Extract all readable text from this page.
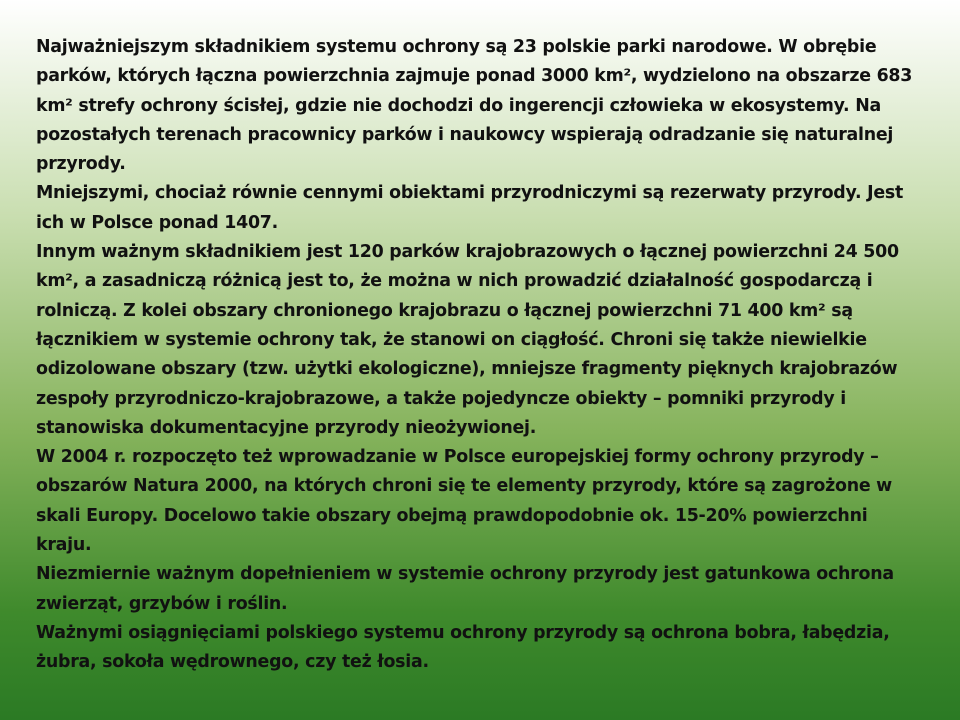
Najważniejszym składnikiem systemu ochrony są 23 polskie parki narodowe. W obrębie
parków, których łączna powierzchnia zajmuje ponad 3000 km², wydzielono na obszarze 683
km² strefy ochrony ścisłej, gdzie nie dochodzi do ingerencji człowieka w ekosystemy. Na
pozostałych terenach pracownicy parków i naukowcy wspierają odradzanie się naturalnej
przyrody.
Mniejszymi, chociaż równie cennymi obiektami przyrodniczymi są rezerwaty przyrody. Jest
ich w Polsce ponad 1407.
Innym ważnym składnikiem jest 120 parków krajobrazowych o łącznej powierzchni 24 500
km², a zasadniczą różnicą jest to, że można w nich prowadzić działalność gospodarczą i
rolniczą. Z kolei obszary chronionego krajobrazu o łącznej powierzchni 71 400 km² są
łącznikiem w systemie ochrony tak, że stanowi on ciągłość. Chroni się także niewielkie
odizolowane obszary (tzw. użytki ekologiczne), mniejsze fragmenty pięknych krajobrazów
zespoły przyrodniczo-krajobrazowe, a także pojedyncze obiekty – pomniki przyrody i
stanowiska dokumentacyjne przyrody nieożywionej.
W 2004 r. rozpoczęto też wprowadzanie w Polsce europejskiej formy ochrony przyrody –
obszarów Natura 2000, na których chroni się te elementy przyrody, które są zagrożone w
skali Europy. Docelowo takie obszary obejmą prawdopodobnie ok. 15-20% powierzchni
kraju.
Niezmiernie ważnym dopełnieniem w systemie ochrony przyrody jest gatunkowa ochrona
zwierząt, grzybów i roślin.
Ważnymi osiągnięciami polskiego systemu ochrony przyrody są ochrona bobra, łabędzia,
żubra, sokoła wędrownego, czy też łosia.
